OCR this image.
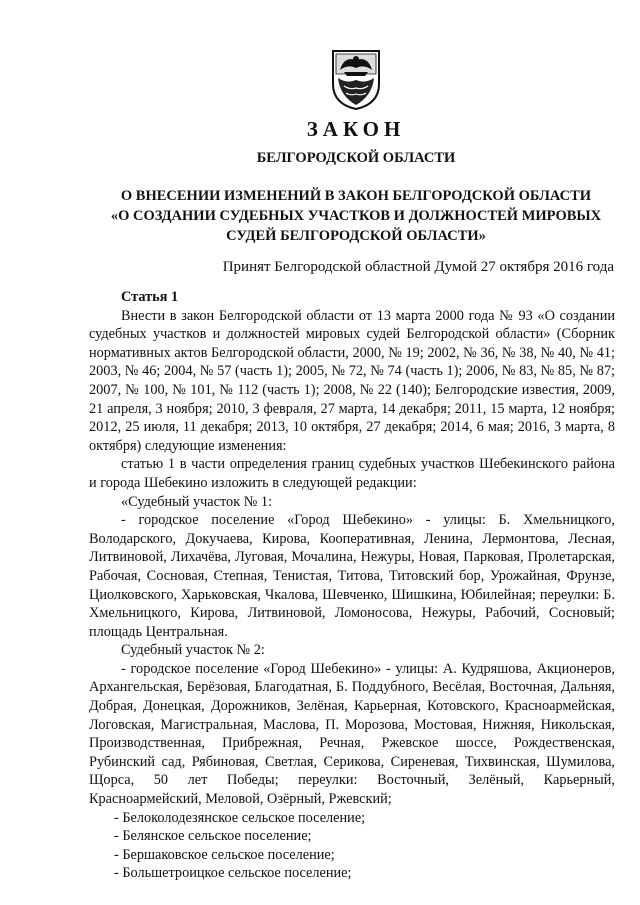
ЗАКОН
БЕЛГОРОДСКОЙ ОБЛАСТИ
О ВНЕСЕНИИ ИЗМЕНЕНИЙ В ЗАКОН БЕЛГОРОДСКОЙ ОБЛАСТИ
«О СОЗДАНИИ СУДЕБНЫХ УЧАСТКОВ И ДОЛЖНОСТЕЙ МИРОВЫХ
СУДЕЙ БЕЛГОРОДСКОЙ ОБЛАСТИ»

Принят Белгородской областной Думой 27 октября 2016 года

Статья 1

Внести в закон Белгородской области от 13 марта 2000 года № 93 «О создании судебных участков и должностей мировых судей Белгородской области» (Сборник нормативных актов Белгородской области, 2000, № 19; 2002, № 36, № 38, № 40, № 41; 2003, № 46; 2004, № 57 (часть 1); 2005, № 72, № 74 (часть 1); 2006, № 83, № 85, № 87; 2007, № 100, № 101, № 112 (часть 1); 2008, № 22 (140); Белгородские известия, 2009, 21 апреля, 3 ноября; 2010, 3 февраля, 27 марта, 14 декабря; 2011, 15 марта, 12 ноября; 2012, 25 июля, 11 декабря; 2013, 10 октября, 27 декабря; 2014, 6 мая; 2016, 3 марта, 8 октября) следующие изменения:

статью 1 в части определения границ судебных участков Шебекинского района и города Шебекино изложить в следующей редакции:

«Судебный участок № 1:

- городское поселение «Город Шебекино» - улицы: Б. Хмельницкого, Володарского, Докучаева, Кирова, Кооперативная, Ленина, Лермонтова, Лесная, Литвиновой, Лихачёва, Луговая, Мочалина, Нежуры, Новая, Парковая, Пролетарская, Рабочая, Сосновая, Степная, Тенистая, Титова, Титовский бор, Урожайная, Фрунзе, Циолковского, Харьковская, Чкалова, Шевченко, Шишкина, Юбилейная; переулки: Б. Хмельницкого, Кирова, Литвиновой, Ломоносова, Нежуры, Рабочий, Сосновый; площадь Центральная.

Судебный участок № 2:

- городское поселение «Город Шебекино» - улицы: А. Кудряшова, Акционеров, Архангельская, Берёзовая, Благодатная, Б. Поддубного, Весёлая, Восточная, Дальняя, Добрая, Донецкая, Дорожников, Зелёная, Карьерная, Котовского, Красноармейская, Логовская, Магистральная, Маслова, П. Морозова, Мостовая, Нижняя, Никольская, Производственная, Прибрежная, Речная, Ржевское шоссе, Рождественская, Рубинский сад, Рябиновая, Светлая, Серикова, Сиреневая, Тихвинская, Шумилова, Щорса, 50 лет Победы; переулки: Восточный, Зелёный, Карьерный, Красноармейский, Меловой, Озёрный, Ржевский;

- Белоколодезянское сельское поселение;

- Белянское сельское поселение;

- Бершаковское сельское поселение;

- Большетроицкое сельское поселение;
